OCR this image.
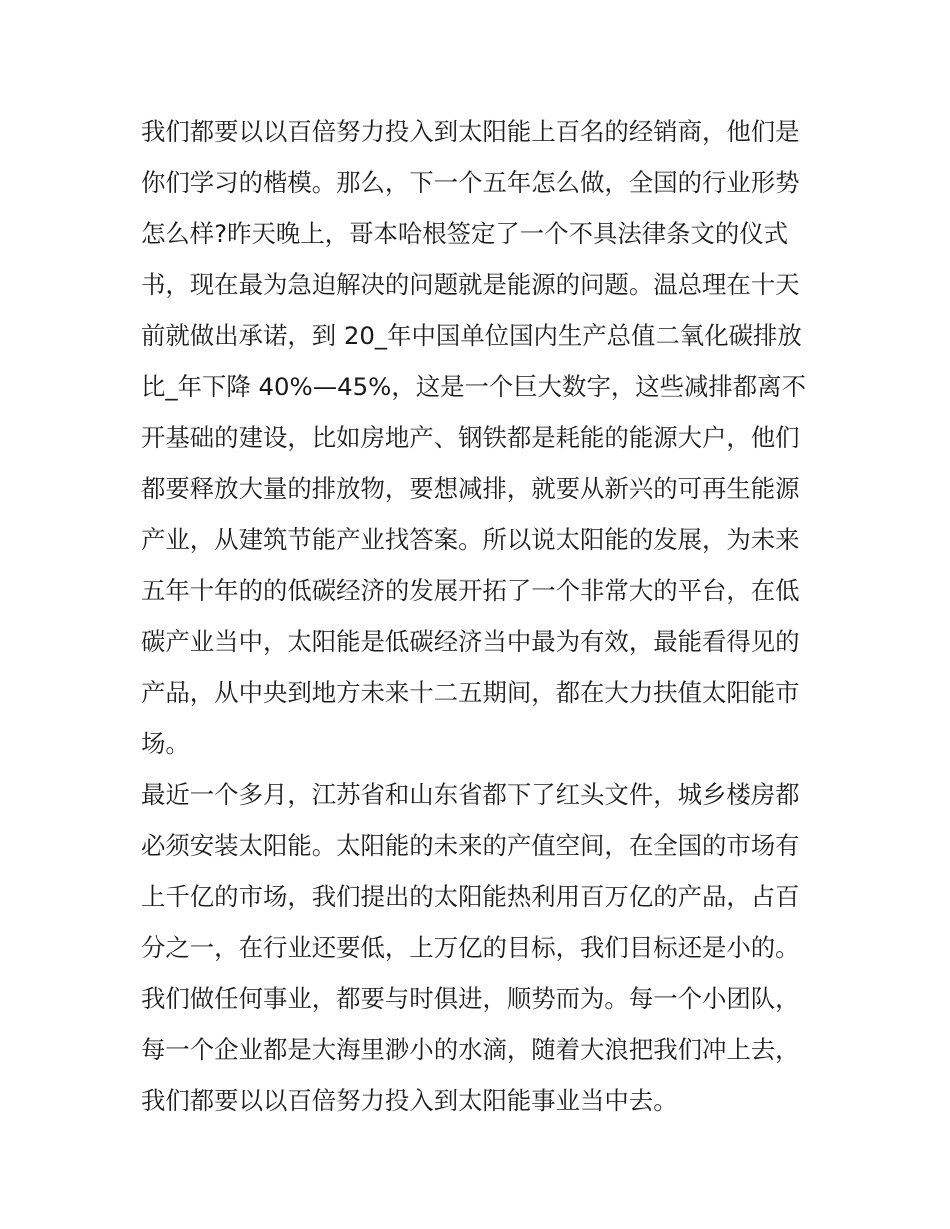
我们都要以以百倍努力投入到太阳能上百名的经销商，他们是
你们学习的楷模。那么，下一个五年怎么做，全国的行业形势
怎么样?昨天晚上，哥本哈根签定了一个不具法律条文的仪式
书，现在最为急迫解决的问题就是能源的问题。温总理在十天
前就做出承诺，到 20_年中国单位国内生产总值二氧化碳排放
比_年下降 40%—45%，这是一个巨大数字，这些减排都离不
开基础的建设，比如房地产、钢铁都是耗能的能源大户，他们
都要释放大量的排放物，要想减排，就要从新兴的可再生能源
产业，从建筑节能产业找答案。所以说太阳能的发展，为未来
五年十年的的低碳经济的发展开拓了一个非常大的平台，在低
碳产业当中，太阳能是低碳经济当中最为有效，最能看得见的
产品，从中央到地方未来十二五期间，都在大力扶值太阳能市
场。
最近一个多月，江苏省和山东省都下了红头文件，城乡楼房都
必须安装太阳能。太阳能的未来的产值空间，在全国的市场有
上千亿的市场，我们提出的太阳能热利用百万亿的产品，占百
分之一，在行业还要低，上万亿的目标，我们目标还是小的。
我们做任何事业，都要与时俱进，顺势而为。每一个小团队，
每一个企业都是大海里渺小的水滴，随着大浪把我们冲上去，
我们都要以以百倍努力投入到太阳能事业当中去。
